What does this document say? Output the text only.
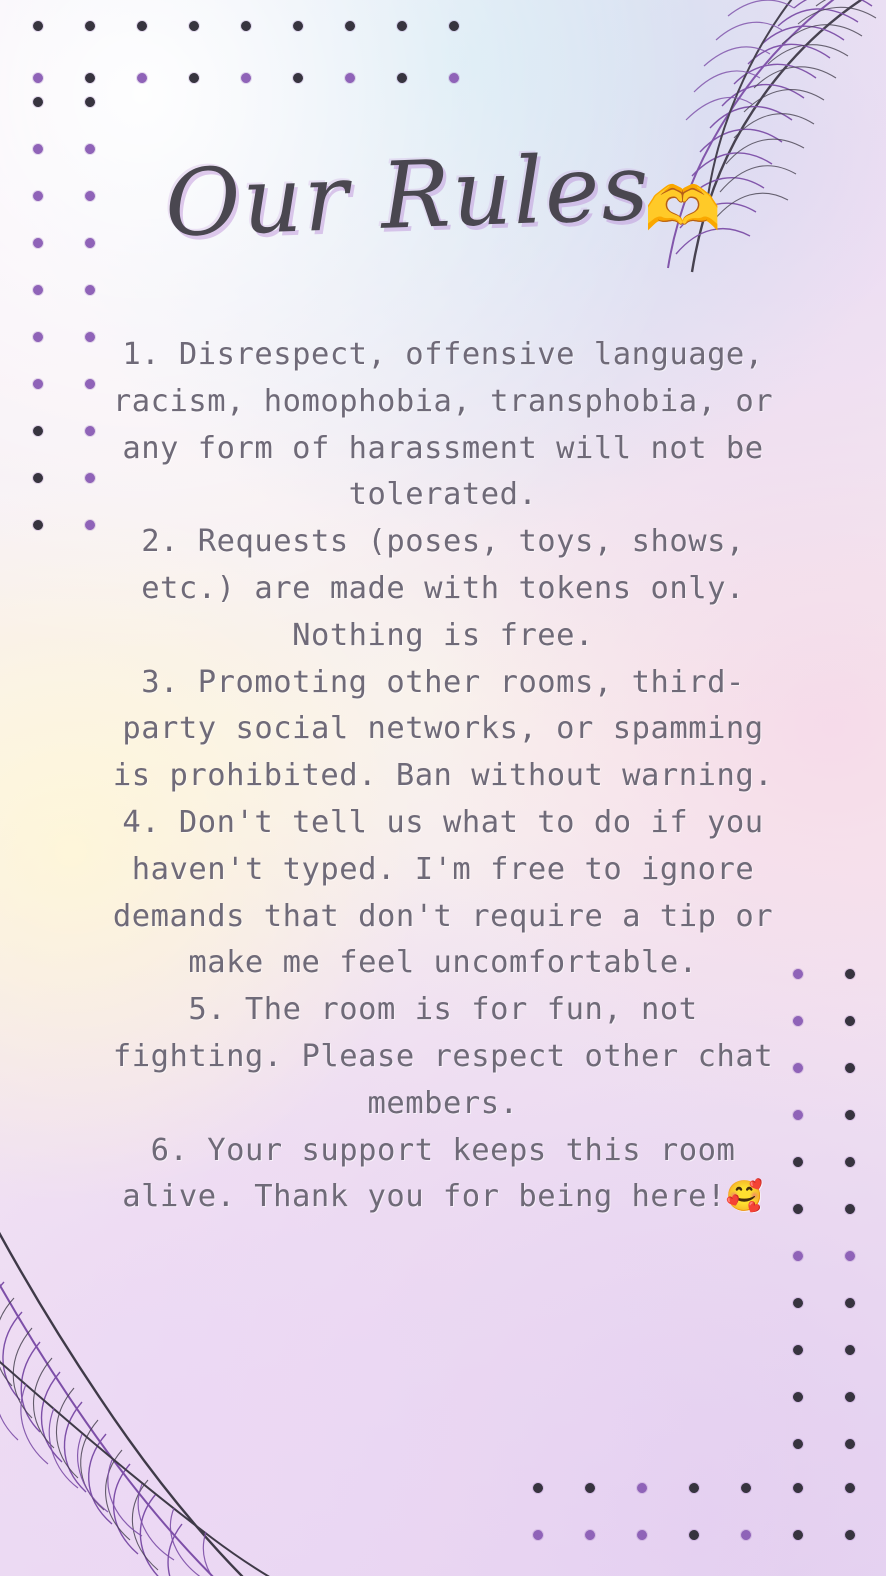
Our Rules🫶

1. Disrespect, offensive language, racism, homophobia, transphobia, or any form of harassment will not be tolerated.

2. Requests (poses, toys, shows, etc.) are made with tokens only. Nothing is free.

3. Promoting other rooms, third-party social networks, or spamming is prohibited. Ban without warning.

4. Don't tell us what to do if you haven't typed. I'm free to ignore demands that don't require a tip or make me feel uncomfortable.

5. The room is for fun, not fighting. Please respect other chat members.

6. Your support keeps this room alive. Thank you for being here!🥰
